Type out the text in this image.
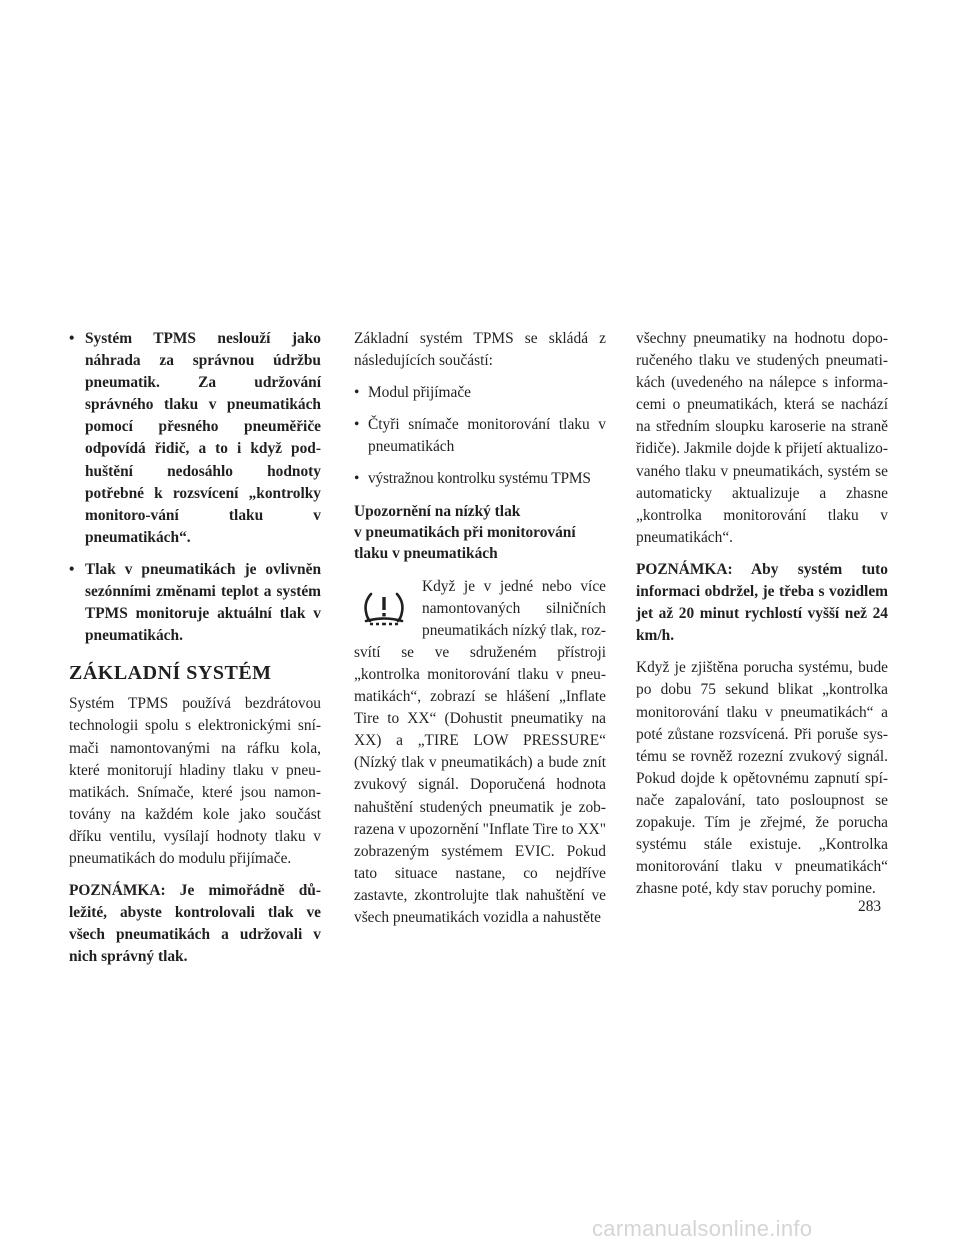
• Systém TPMS neslouží jako náhrada za správnou údržbu pneumatik. Za udržování správného tlaku v pneumatikách pomocí přesného pneuměřiče odpovídá řidič, a to i když pod-huštění nedosáhlo hodnoty potřebné k rozsvícení „kontrolky monitoro-vání tlaku v pneumatikách“.
• Tlak v pneumatikách je ovlivněn sezónními změnami teplot a systém TPMS monitoruje aktuální tlak v pneumatikách.
ZÁKLADNÍ SYSTÉM

Systém TPMS používá bezdrátovou technologii spolu s elektronickými sní-mači namontovanými na ráfku kola, které monitorují hladiny tlaku v pneu-matikách. Snímače, které jsou namon-továny na každém kole jako součást dříku ventilu, vysílají hodnoty tlaku v pneumatikách do modulu přijímače.

POZNÁMKA: Je mimořádně dů-ležité, abyste kontrolovali tlak ve všech pneumatikách a udržovali v nich správný tlak.

Základní systém TPMS se skládá z následujících součástí:

• Modul přijímače
• Čtyři snímače monitorování tlaku v pneumatikách
• výstražnou kontrolku systému TPMS
Upozornění na nízký tlak
v pneumatikách při monitorování
tlaku v pneumatikách

Když je v jedné nebo více namontovaných silničních pneumatikách nízký tlak, roz-svítí se ve sdruženém přístroji „kontrolka monitorování tlaku v pneu-matikách“, zobrazí se hlášení „Inflate Tire to XX“ (Dohustit pneumatiky na XX) a „TIRE LOW PRESSURE“ (Nízký tlak v pneumatikách) a bude znít zvukový signál. Doporučená hodnota nahuštění studených pneumatik je zob-razena v upozornění "Inflate Tire to XX" zobrazeným systémem EVIC. Pokud tato situace nastane, co nejdříve zastavte, zkontrolujte tlak nahuštění ve všech pneumatikách vozidla a nahustěte

všechny pneumatiky na hodnotu dopo-ručeného tlaku ve studených pneumati-kách (uvedeného na nálepce s informa-cemi o pneumatikách, která se nachází na středním sloupku karoserie na straně řidiče). Jakmile dojde k přijetí aktualizo-vaného tlaku v pneumatikách, systém se automaticky aktualizuje a zhasne „kontrolka monitorování tlaku v pneumatikách“.

POZNÁMKA: Aby systém tuto informaci obdržel, je třeba s vozidlem jet až 20 minut rychlostí vyšší než 24 km/h.

Když je zjištěna porucha systému, bude po dobu 75 sekund blikat „kontrolka monitorování tlaku v pneumatikách“ a poté zůstane rozsvícená. Při poruše sys-tému se rovněž rozezní zvukový signál. Pokud dojde k opětovnému zapnutí spí-nače zapalování, tato posloupnost se zopakuje. Tím je zřejmé, že porucha systému stále existuje. „Kontrolka monitorování tlaku v pneumatikách“ zhasne poté, kdy stav poruchy pomine.

283
carmanualsonline.info
